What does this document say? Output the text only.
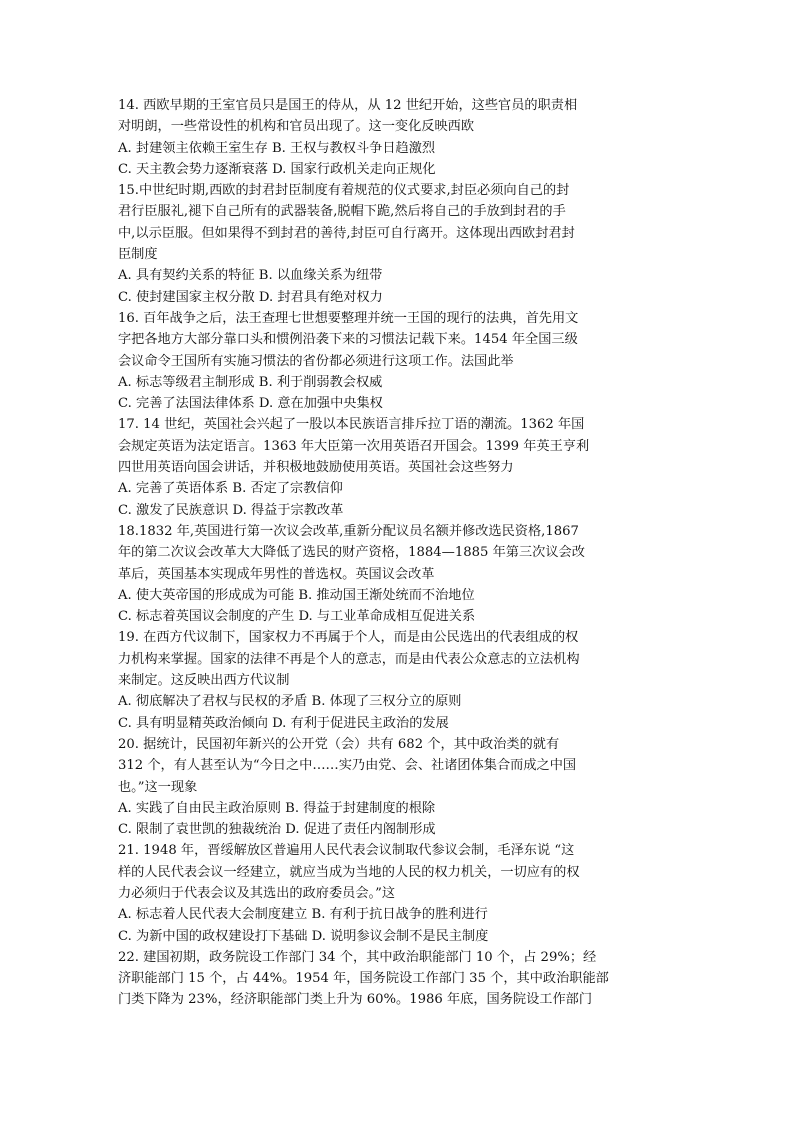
14. 西欧早期的王室官员只是国王的侍从，从 12 世纪开始，这些官员的职责相
对明朗，一些常设性的机构和官员出现了。这一变化反映西欧
A. 封建领主依赖王室生存 B. 王权与教权斗争日趋激烈
C. 天主教会势力逐渐衰落 D. 国家行政机关走向正规化
15.中世纪时期,西欧的封君封臣制度有着规范的仪式要求,封臣必须向自己的封
君行臣服礼,褪下自己所有的武器装备,脱帽下跪,然后将自己的手放到封君的手
中,以示臣服。但如果得不到封君的善待,封臣可自行离开。这体现出西欧封君封
臣制度
A. 具有契约关系的特征 B. 以血缘关系为纽带
C. 使封建国家主权分散 D. 封君具有绝对权力
16. 百年战争之后，法王查理七世想要整理并统一王国的现行的法典，首先用文
字把各地方大部分靠口头和惯例沿袭下来的习惯法记载下来。1454 年全国三级
会议命令王国所有实施习惯法的省份都必须进行这项工作。法国此举
A. 标志等级君主制形成 B. 利于削弱教会权威
C. 完善了法国法律体系 D. 意在加强中央集权
17. 14 世纪，英国社会兴起了一股以本民族语言排斥拉丁语的潮流。1362 年国
会规定英语为法定语言。1363 年大臣第一次用英语召开国会。1399 年英王亨利
四世用英语向国会讲话，并积极地鼓励使用英语。英国社会这些努力
A. 完善了英语体系 B. 否定了宗教信仰
C. 激发了民族意识 D. 得益于宗教改革
18.1832 年,英国进行第一次议会改革,重新分配议员名额并修改选民资格,1867
年的第二次议会改革大大降低了选民的财产资格，1884—1885 年第三次议会改
革后，英国基本实现成年男性的普选权。英国议会改革
A. 使大英帝国的形成成为可能 B. 推动国王渐处统而不治地位
C. 标志着英国议会制度的产生 D. 与工业革命成相互促进关系
19. 在西方代议制下，国家权力不再属于个人，而是由公民选出的代表组成的权
力机构来掌握。国家的法律不再是个人的意志，而是由代表公众意志的立法机构
来制定。这反映出西方代议制
A. 彻底解决了君权与民权的矛盾 B. 体现了三权分立的原则
C. 具有明显精英政治倾向 D. 有利于促进民主政治的发展
20. 据统计，民国初年新兴的公开党（会）共有 682 个，其中政治类的就有
312 个，有人甚至认为“今日之中……实乃由党、会、社诸团体集合而成之中国
也。”这一现象
A. 实践了自由民主政治原则 B. 得益于封建制度的根除
C. 限制了袁世凯的独裁统治 D. 促进了责任内阁制形成
21. 1948 年，晋绥解放区普遍用人民代表会议制取代参议会制，毛泽东说 “这
样的人民代表会议一经建立，就应当成为当地的人民的权力机关，一切应有的权
力必须归于代表会议及其选出的政府委员会。”这
A. 标志着人民代表大会制度建立 B. 有利于抗日战争的胜利进行
C. 为新中国的政权建设打下基础 D. 说明参议会制不是民主制度
22. 建国初期，政务院设工作部门 34 个，其中政治职能部门 10 个，占 29%；经
济职能部门 15 个，占 44%。1954 年，国务院设工作部门 35 个，其中政治职能部
门类下降为 23%，经济职能部门类上升为 60%。1986 年底，国务院设工作部门
